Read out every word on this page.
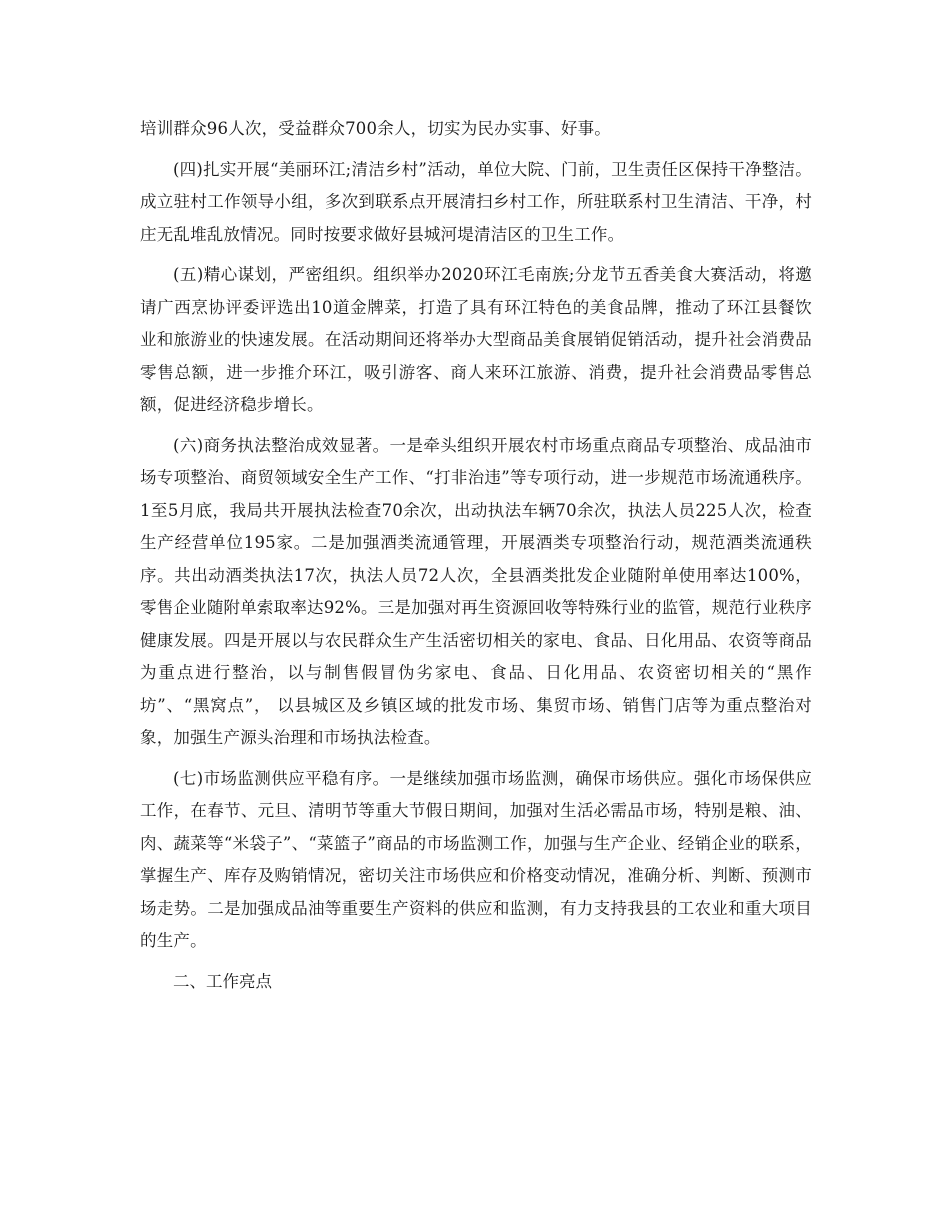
培训群众96人次，受益群众700余人，切实为民办实事、好事。

(四)扎实开展“美丽环江;清洁乡村”活动，单位大院、门前，卫生责任区保持干净整洁。成立驻村工作领导小组，多次到联系点开展清扫乡村工作，所驻联系村卫生清洁、干净，村庄无乱堆乱放情况。同时按要求做好县城河堤清洁区的卫生工作。

(五)精心谋划，严密组织。组织举办2020环江毛南族;分龙节五香美食大赛活动，将邀请广西烹协评委评选出10道金牌菜，打造了具有环江特色的美食品牌，推动了环江县餐饮业和旅游业的快速发展。在活动期间还将举办大型商品美食展销促销活动，提升社会消费品零售总额，进一步推介环江，吸引游客、商人来环江旅游、消费，提升社会消费品零售总额，促进经济稳步增长。

(六)商务执法整治成效显著。一是牵头组织开展农村市场重点商品专项整治、成品油市场专项整治、商贸领域安全生产工作、“打非治违”等专项行动，进一步规范市场流通秩序。1至5月底，我局共开展执法检查70余次，出动执法车辆70余次，执法人员225人次，检查生产经营单位195家。二是加强酒类流通管理，开展酒类专项整治行动，规范酒类流通秩序。共出动酒类执法17次，执法人员72人次，全县酒类批发企业随附单使用率达100%，零售企业随附单索取率达92%。三是加强对再生资源回收等特殊行业的监管，规范行业秩序健康发展。四是开展以与农民群众生产生活密切相关的家电、食品、日化用品、农资等商品为重点进行整治，以与制售假冒伪劣家电、食品、日化用品、农资密切相关的“黑作坊”、“黑窝点”， 以县城区及乡镇区域的批发市场、集贸市场、销售门店等为重点整治对象，加强生产源头治理和市场执法检查。

(七)市场监测供应平稳有序。一是继续加强市场监测，确保市场供应。强化市场保供应工作，在春节、元旦、清明节等重大节假日期间，加强对生活必需品市场，特别是粮、油、肉、蔬菜等“米袋子”、“菜篮子”商品的市场监测工作，加强与生产企业、经销企业的联系，掌握生产、库存及购销情况，密切关注市场供应和价格变动情况，准确分析、判断、预测市场走势。二是加强成品油等重要生产资料的供应和监测，有力支持我县的工农业和重大项目的生产。

二、工作亮点
